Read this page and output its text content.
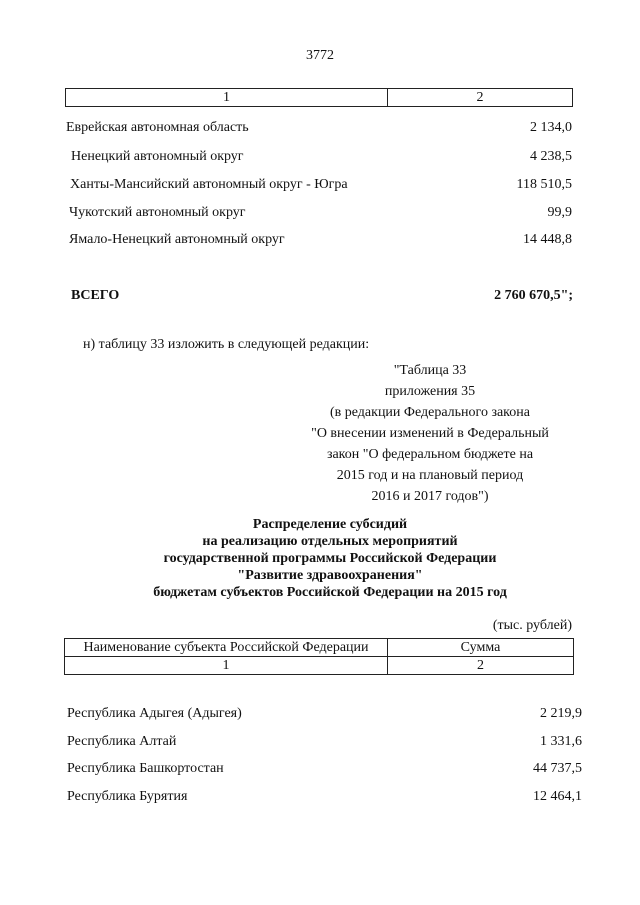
3772
1	2
Еврейская автономная область	2 134,0
Ненецкий автономный округ	4 238,5
Ханты-Мансийский автономный округ - Югра	118 510,5
Чукотский автономный округ	99,9
Ямало-Ненецкий автономный округ	14 448,8
ВСЕГО	2 760 670,5";
н) таблицу 33 изложить в следующей редакции:
"Таблица 33
приложения 35
(в редакции Федерального закона
"О внесении изменений в Федеральный
закон "О федеральном бюджете на
2015 год и на плановый период
2016 и 2017 годов")
Распределение субсидий
на реализацию отдельных мероприятий
государственной программы Российской Федерации
"Развитие здравоохранения"
бюджетам субъектов Российской Федерации на 2015 год
(тыс. рублей)
Наименование субъекта Российской Федерации	Сумма
1	2
Республика Адыгея (Адыгея)	2 219,9
Республика Алтай	1 331,6
Республика Башкортостан	44 737,5
Республика Бурятия	12 464,1
